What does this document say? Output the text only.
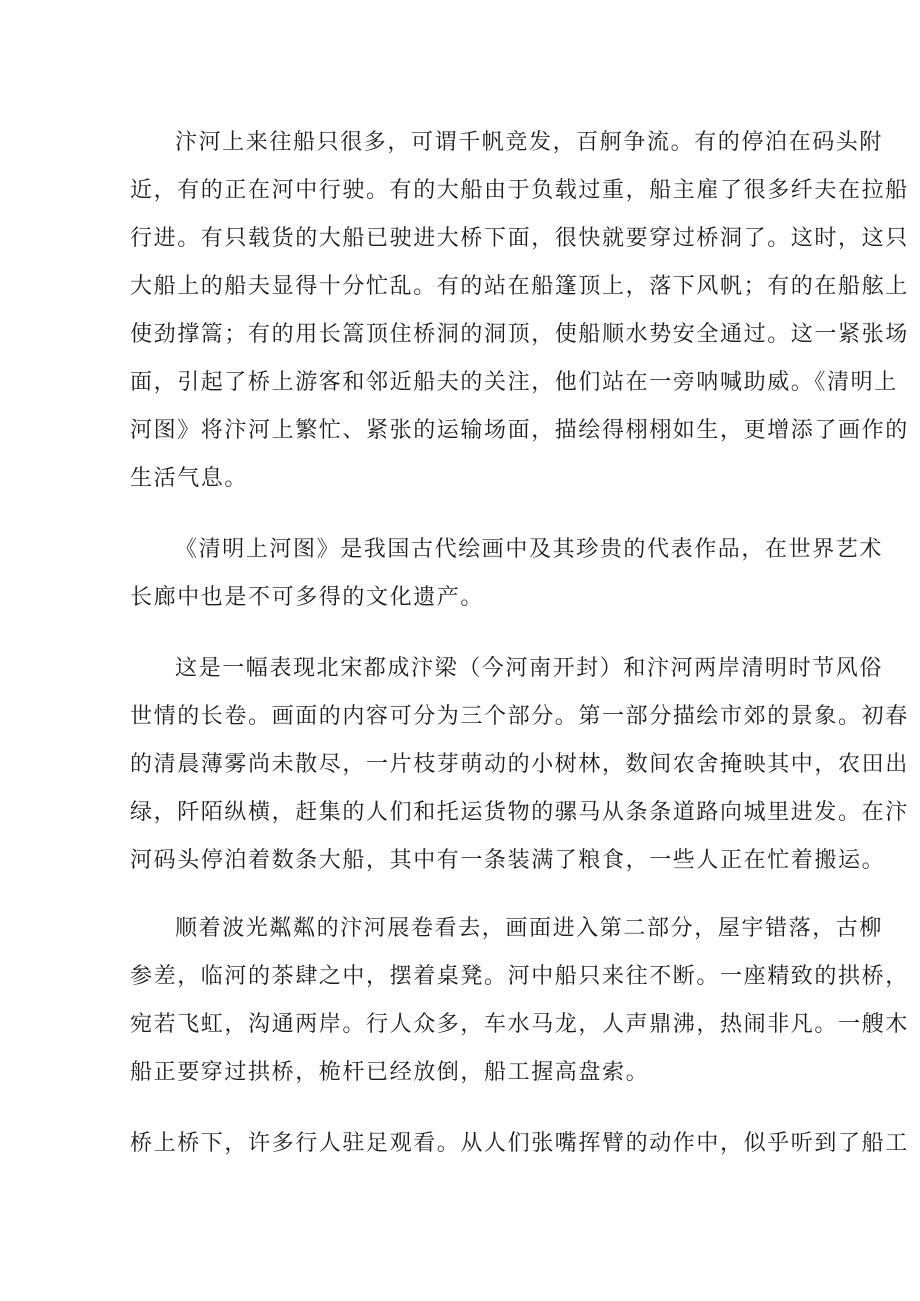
汴河上来往船只很多，可谓千帆竞发，百舸争流。有的停泊在码头附
近，有的正在河中行驶。有的大船由于负载过重，船主雇了很多纤夫在拉船
行进。有只载货的大船已驶进大桥下面，很快就要穿过桥洞了。这时，这只
大船上的船夫显得十分忙乱。有的站在船篷顶上，落下风帆；有的在船舷上
使劲撑篙；有的用长篙顶住桥洞的洞顶，使船顺水势安全通过。这一紧张场
面，引起了桥上游客和邻近船夫的关注，他们站在一旁呐喊助威。《清明上
河图》将汴河上繁忙、紧张的运输场面，描绘得栩栩如生，更增添了画作的
生活气息。
《清明上河图》是我国古代绘画中及其珍贵的代表作品，在世界艺术
长廊中也是不可多得的文化遗产。
这是一幅表现北宋都成汴梁（今河南开封）和汴河两岸清明时节风俗
世情的长卷。画面的内容可分为三个部分。第一部分描绘市郊的景象。初春
的清晨薄雾尚未散尽，一片枝芽萌动的小树林，数间农舍掩映其中，农田出
绿，阡陌纵横，赶集的人们和托运货物的骡马从条条道路向城里进发。在汴
河码头停泊着数条大船，其中有一条装满了粮食，一些人正在忙着搬运。
顺着波光粼粼的汴河展卷看去，画面进入第二部分，屋宇错落，古柳
参差，临河的茶肆之中，摆着桌凳。河中船只来往不断。一座精致的拱桥，
宛若飞虹，沟通两岸。行人众多，车水马龙，人声鼎沸，热闹非凡。一艘木
船正要穿过拱桥，桅杆已经放倒，船工握高盘索。
桥上桥下，许多行人驻足观看。从人们张嘴挥臂的动作中，似乎听到了船工
